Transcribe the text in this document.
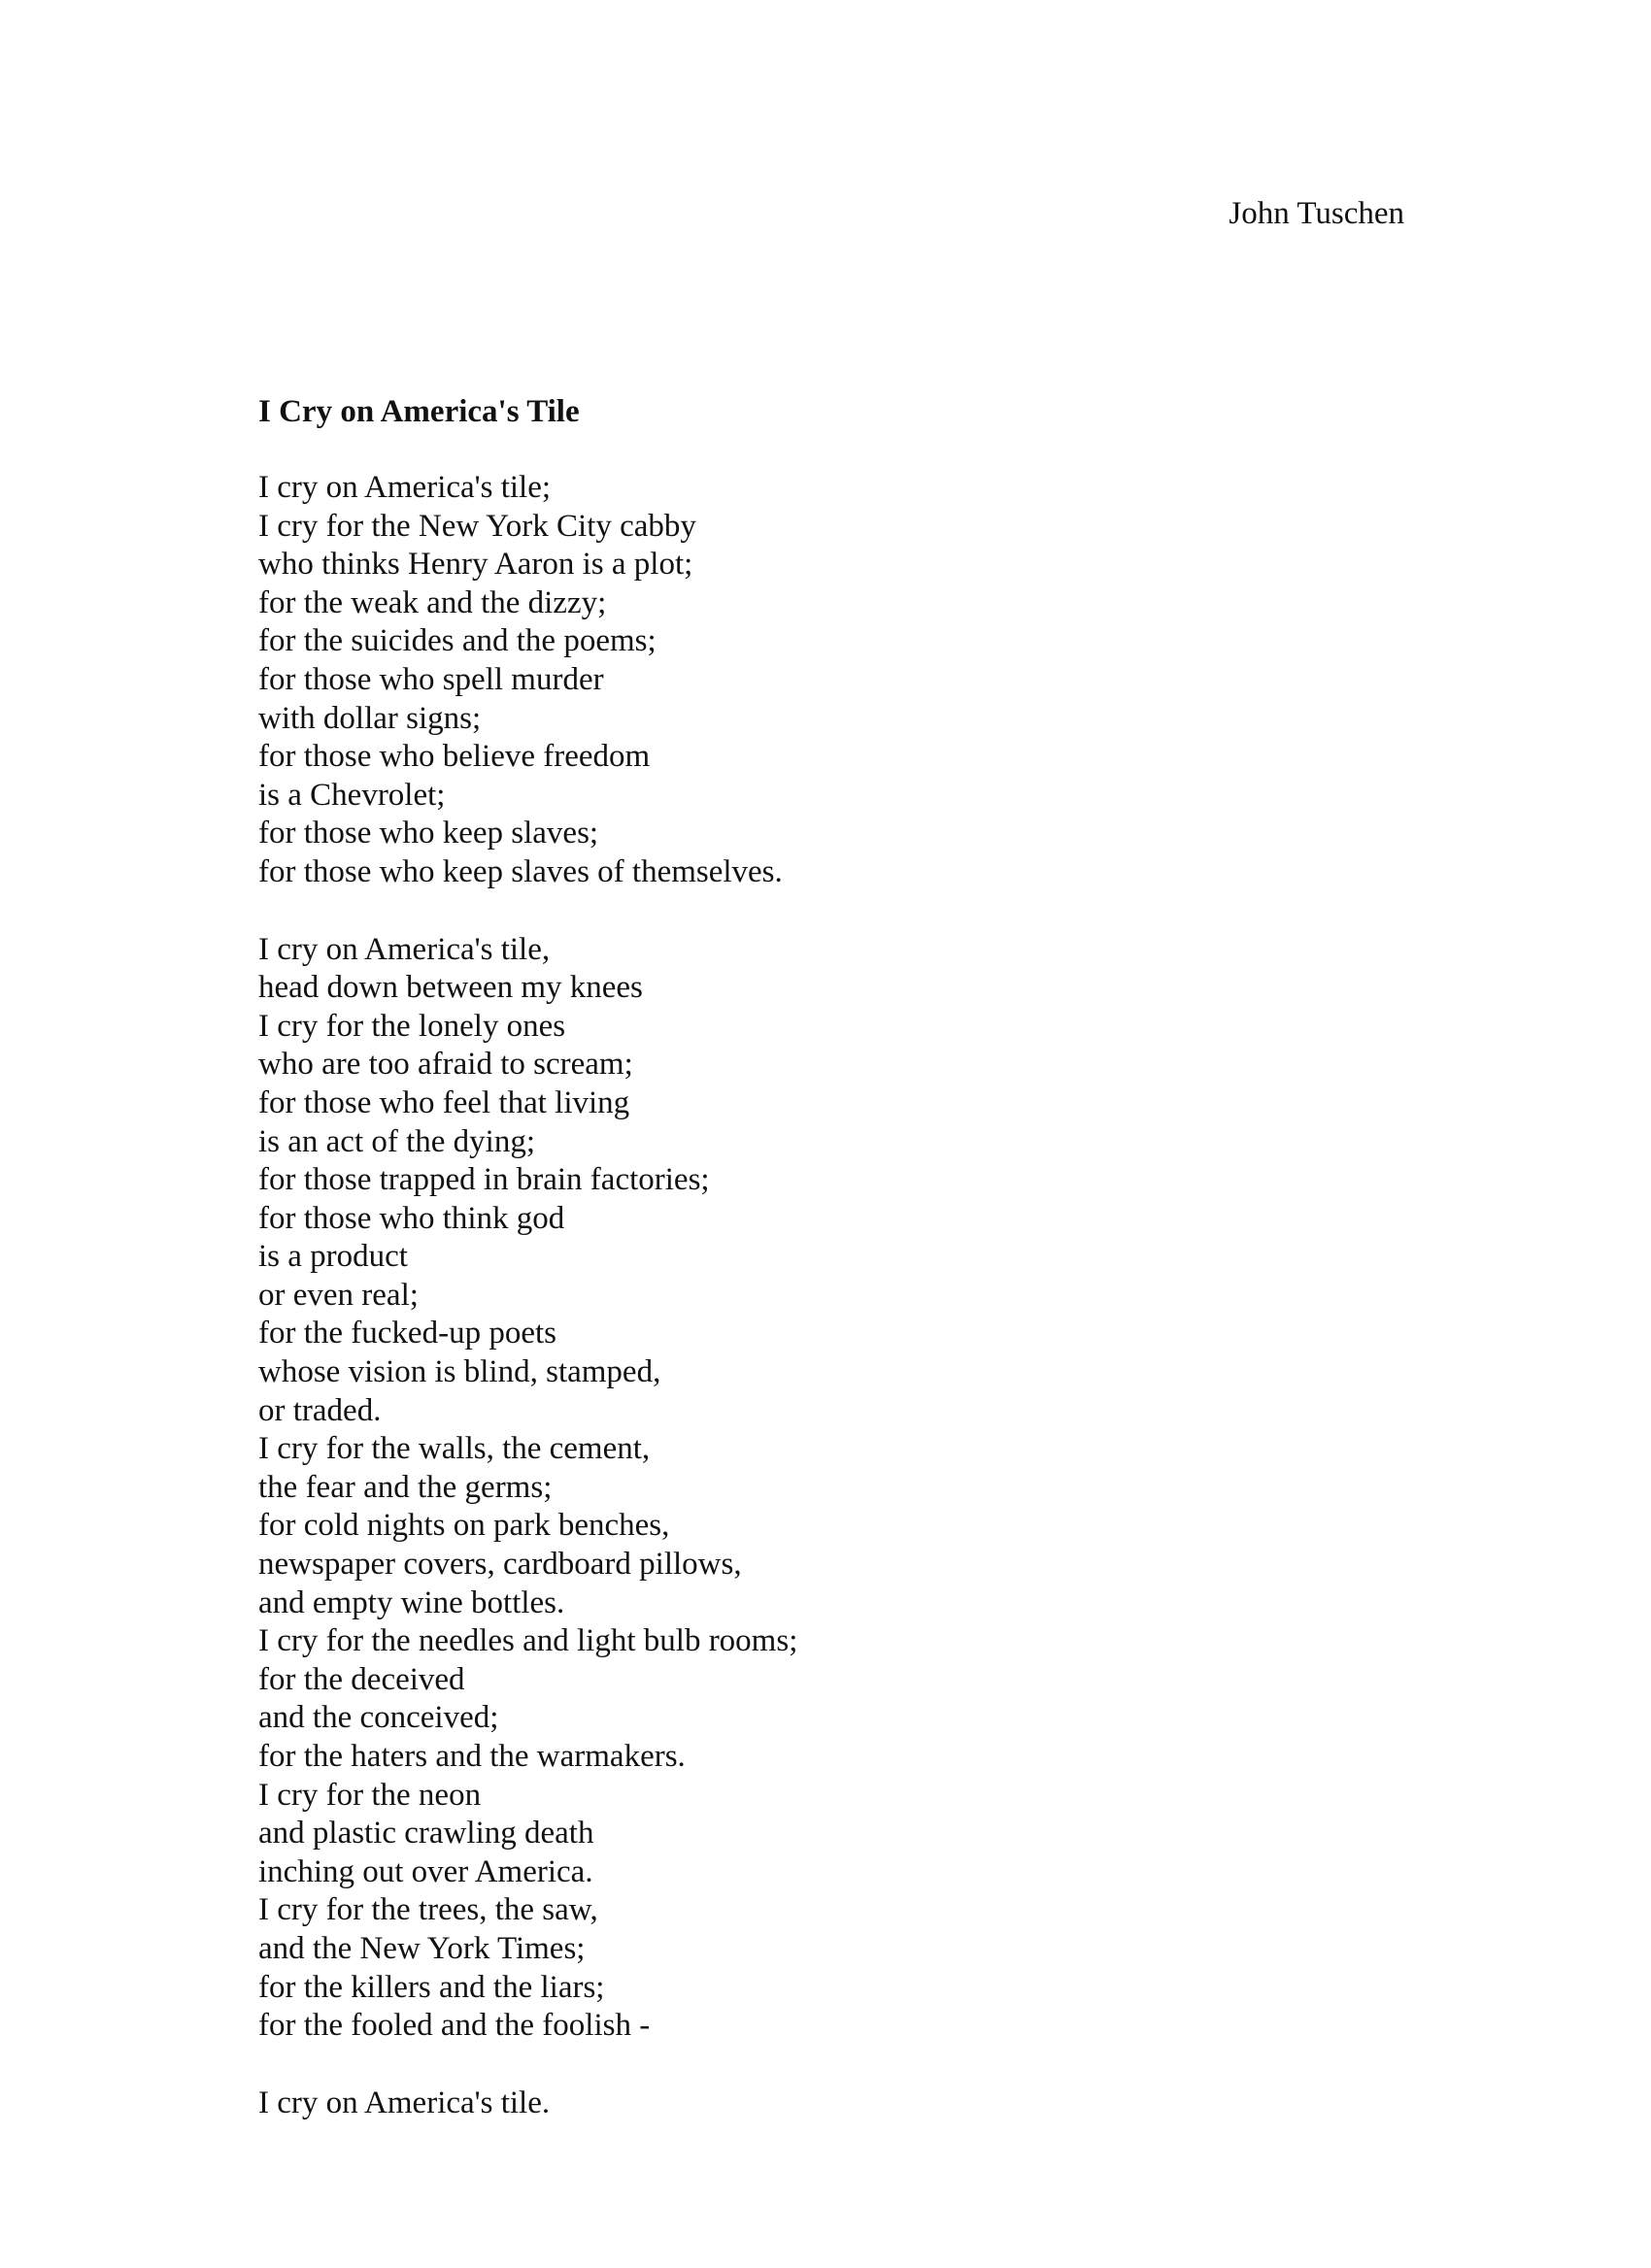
John Tuschen
I Cry on America's Tile
I cry on America's tile;
I cry for the New York City cabby
who thinks Henry Aaron is a plot;
for the weak and the dizzy;
for the suicides and the poems;
for those who spell murder
with dollar signs;
for those who believe freedom
is a Chevrolet;
for those who keep slaves;
for those who keep slaves of themselves.
I cry on America's tile,
head down between my knees
I cry for the lonely ones
who are too afraid to scream;
for those who feel that living
is an act of the dying;
for those trapped in brain factories;
for those who think god
is a product
or even real;
for the fucked-up poets
whose vision is blind, stamped,
or traded.
I cry for the walls, the cement,
the fear and the germs;
for cold nights on park benches,
newspaper covers, cardboard pillows,
and empty wine bottles.
I cry for the needles and light bulb rooms;
for the deceived
and the conceived;
for the haters and the warmakers.
I cry for the neon
and plastic crawling death
inching out over America.
I cry for the trees, the saw,
and the New York Times;
for the killers and the liars;
for the fooled and the foolish -
I cry on America's tile.
